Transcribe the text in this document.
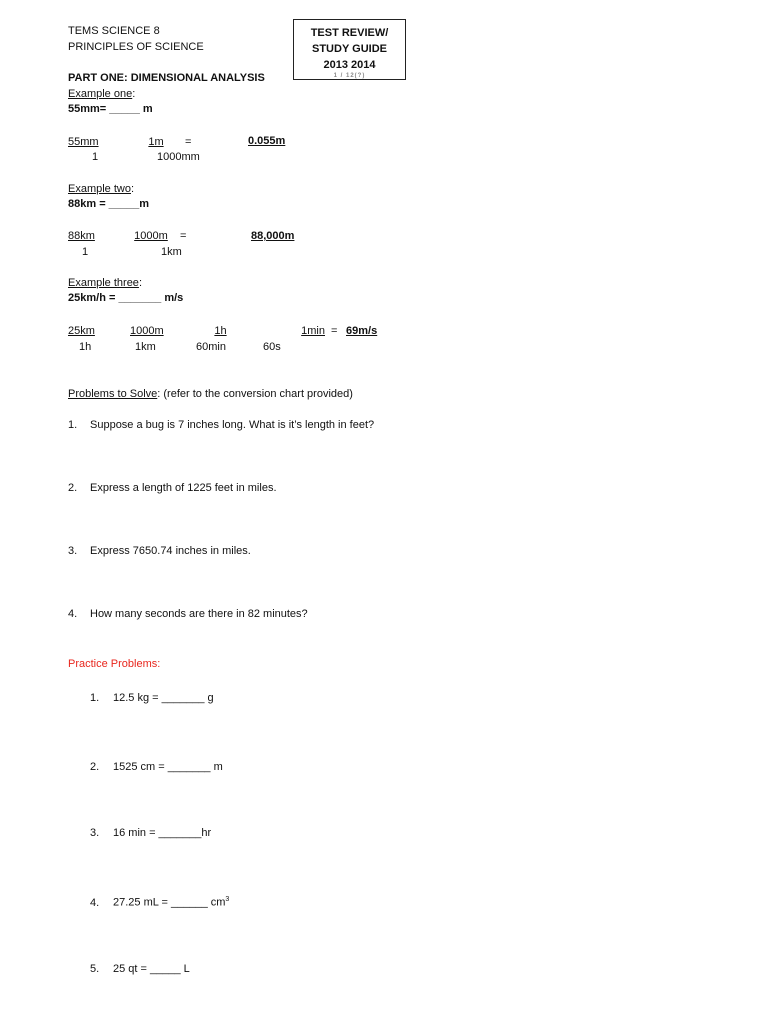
TEMS SCIENCE 8
PRINCIPLES OF SCIENCE
TEST REVIEW/
STUDY GUIDE
2013 2014
1 / 12(?)
PART ONE: DIMENSIONAL ANALYSIS
Example one:
55mm= _____ m
55mm
1
1m	=
1000mm
0.055m
Example two:
88km = _____m
88km
1
1000m	=
1km
88,000m
Example three:
25km/h = _______ m/s
25km
1h
1000m
1km
1h
60min
1min
60s
= 69m/s
Problems to Solve: (refer to the conversion chart provided)
1. Suppose a bug is 7 inches long. What is it’s length in feet?
2. Express a length of 1225 feet in miles.
3. Express 7650.74 inches in miles.
4. How many seconds are there in 82 minutes?
Practice Problems:
1. 12.5 kg = _______ g
2. 1525 cm = _______ m
3. 16 min = _______hr
4. 27.25 mL = ______ $cm^3$
5. 25 qt = _____ L
